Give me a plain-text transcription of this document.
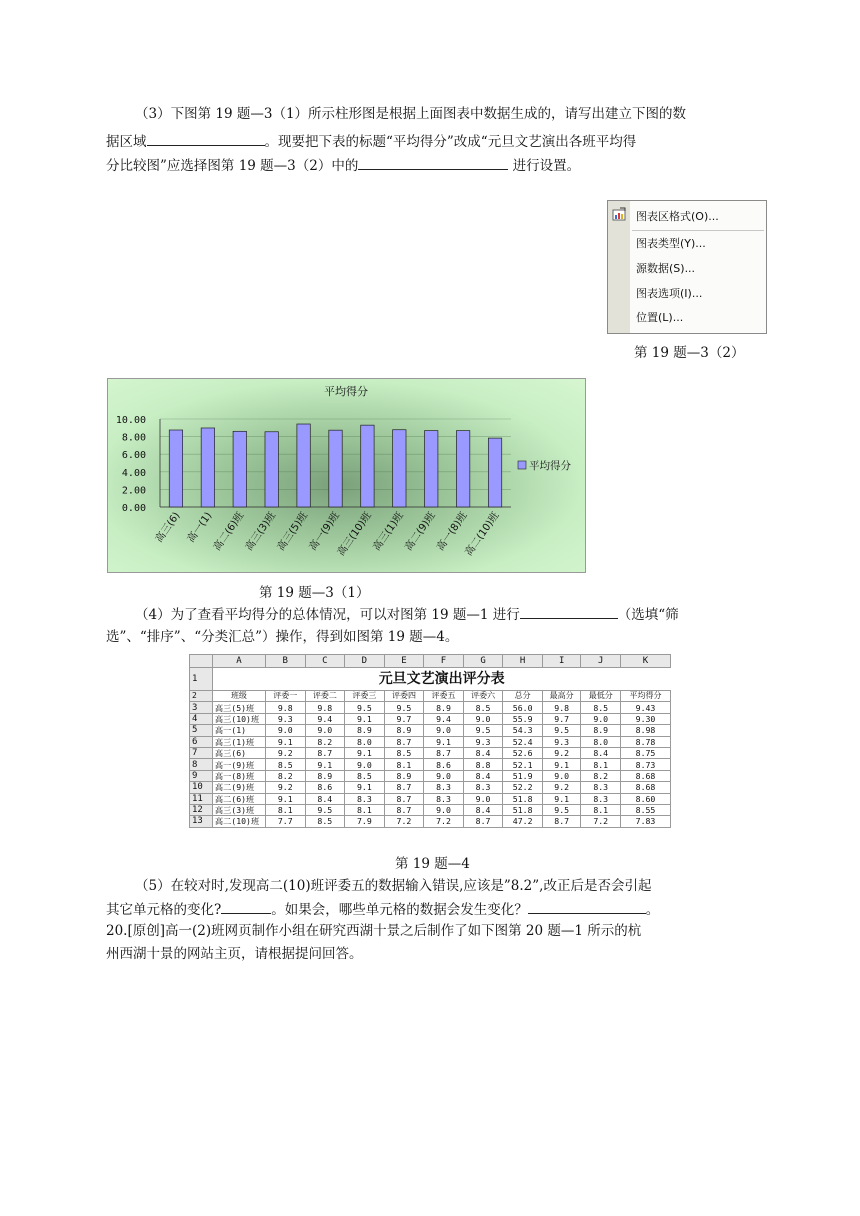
（3）下图第 19 题—3（1）所示柱形图是根据上面图表中数据生成的，请写出建立下图的数
据区域	。现要把下表的标题“平均得分”改成“元旦文艺演出各班平均得
分比较图”应选择图第 19 题—3（2）中的	进行设置。
图表区格式(O)...
图表类型(Y)...
源数据(S)...
图表选项(I)...
位置(L)...
第 19 题—3（2）
平均得分
10.00
8.00
6.00
4.00
2.00
0.00
高三(6) 高一(1)
高二(6)班
高三(3)班
高三(5)班
高一(9)班
高三(10)班
高三(1)班
高二(9)班
高一(8)班
高二(10)班
平均得分
第 19 题—3（1）
（4）为了查看平均得分的总体情况，可以对图第 19 题—1 进行	（选填“筛
选”、“排序”、“分类汇总”）操作，得到如图第 19 题—4。
	A	B	C	D	E	F	G	H	I	J	K
1	元旦文艺演出评分表										
2	班级	评委一	评委二	评委三	评委四	评委五	评委六	总分	最高分	最低分	平均得分
3	高三(5)班	9.8	9.8	9.5	9.5	8.9	8.5	56.0	9.8	8.5	9.43
4	高三(10)班	9.3	9.4	9.1	9.7	9.4	9.0	55.9	9.7	9.0	9.30
5	高一(1)	9.0	9.0	8.9	8.9	9.0	9.5	54.3	9.5	8.9	8.98
6	高三(1)班	9.1	8.2	8.0	8.7	9.1	9.3	52.4	9.3	8.0	8.78
7	高三(6)	9.2	8.7	9.1	8.5	8.7	8.4	52.6	9.2	8.4	8.75
8	高一(9)班	8.5	9.1	9.0	8.1	8.6	8.8	52.1	9.1	8.1	8.73
9	高一(8)班	8.2	8.9	8.5	8.9	9.0	8.4	51.9	9.0	8.2	8.68
10	高二(9)班	9.2	8.6	9.1	8.7	8.3	8.3	52.2	9.2	8.3	8.68
11	高二(6)班	9.1	8.4	8.3	8.7	8.3	9.0	51.8	9.1	8.3	8.60
12	高三(3)班	8.1	9.5	8.1	8.7	9.0	8.4	51.8	9.5	8.1	8.55
13	高二(10)班	7.7	8.5	7.9	7.2	7.2	8.7	47.2	8.7	7.2	7.83
第 19 题—4
（5）在较对时,发现高二(10)班评委五的数据输入错误,应该是”8.2”,改正后是否会引起
其它单元格的变化?	。如果会，哪些单元格的数据会发生变化？	。
20.[原创]高一(2)班网页制作小组在研究西湖十景之后制作了如下图第 20 题—1 所示的杭
州西湖十景的网站主页，请根据提问回答。
